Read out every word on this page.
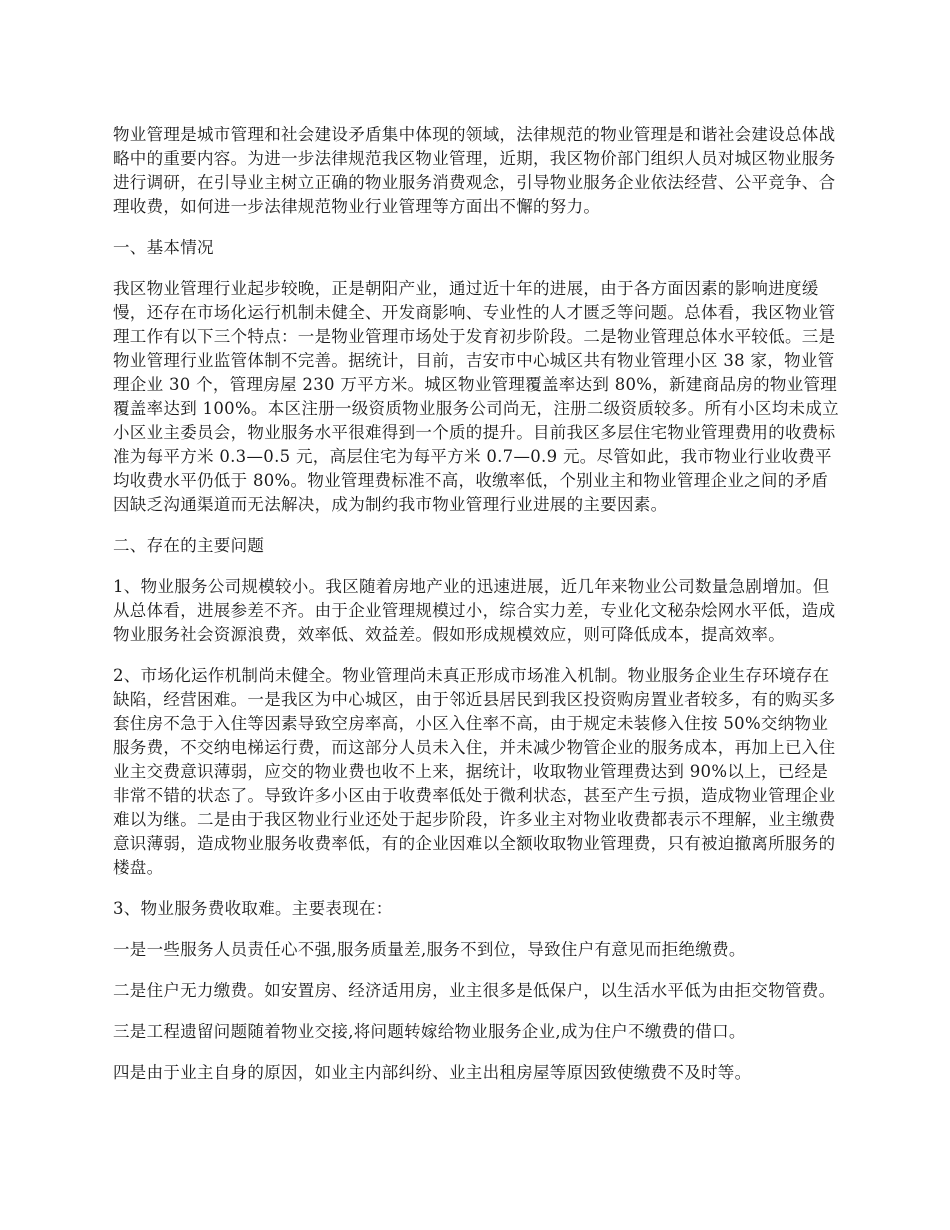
物业管理是城市管理和社会建设矛盾集中体现的领域，法律规范的物业管理是和谐社会建设总体战略中的重要内容。为进一步法律规范我区物业管理，近期，我区物价部门组织人员对城区物业服务进行调研，在引导业主树立正确的物业服务消费观念，引导物业服务企业依法经营、公平竞争、合理收费，如何进一步法律规范物业行业管理等方面出不懈的努力。

一、基本情况

我区物业管理行业起步较晚，正是朝阳产业，通过近十年的进展，由于各方面因素的影响进度缓慢，还存在市场化运行机制未健全、开发商影响、专业性的人才匮乏等问题。总体看，我区物业管理工作有以下三个特点：一是物业管理市场处于发育初步阶段。二是物业管理总体水平较低。三是物业管理行业监管体制不完善。据统计，目前，吉安市中心城区共有物业管理小区 38 家，物业管理企业 30 个，管理房屋 230 万平方米。城区物业管理覆盖率达到 80%，新建商品房的物业管理覆盖率达到 100%。本区注册一级资质物业服务公司尚无，注册二级资质较多。所有小区均未成立小区业主委员会，物业服务水平很难得到一个质的提升。目前我区多层住宅物业管理费用的收费标准为每平方米 0.3—0.5 元，高层住宅为每平方米 0.7—0.9 元。尽管如此，我市物业行业收费平均收费水平仍低于 80%。物业管理费标准不高，收缴率低，个别业主和物业管理企业之间的矛盾因缺乏沟通渠道而无法解决，成为制约我市物业管理行业进展的主要因素。

二、存在的主要问题

1、物业服务公司规模较小。我区随着房地产业的迅速进展，近几年来物业公司数量急剧增加。但从总体看，进展参差不齐。由于企业管理规模过小，综合实力差，专业化文秘杂烩网水平低，造成物业服务社会资源浪费，效率低、效益差。假如形成规模效应，则可降低成本，提高效率。

2、市场化运作机制尚未健全。物业管理尚未真正形成市场准入机制。物业服务企业生存环境存在缺陷，经营困难。一是我区为中心城区，由于邻近县居民到我区投资购房置业者较多，有的购买多套住房不急于入住等因素导致空房率高，小区入住率不高，由于规定未装修入住按 50%交纳物业服务费，不交纳电梯运行费，而这部分人员未入住，并未减少物管企业的服务成本，再加上已入住业主交费意识薄弱，应交的物业费也收不上来，据统计，收取物业管理费达到 90%以上，已经是非常不错的状态了。导致许多小区由于收费率低处于微利状态，甚至产生亏损，造成物业管理企业难以为继。二是由于我区物业行业还处于起步阶段，许多业主对物业收费都表示不理解，业主缴费意识薄弱，造成物业服务收费率低，有的企业因难以全额收取物业管理费，只有被迫撤离所服务的楼盘。

3、物业服务费收取难。主要表现在：

一是一些服务人员责任心不强,服务质量差,服务不到位，导致住户有意见而拒绝缴费。

二是住户无力缴费。如安置房、经济适用房，业主很多是低保户，以生活水平低为由拒交物管费。

三是工程遗留问题随着物业交接,将问题转嫁给物业服务企业,成为住户不缴费的借口。

四是由于业主自身的原因，如业主内部纠纷、业主出租房屋等原因致使缴费不及时等。
